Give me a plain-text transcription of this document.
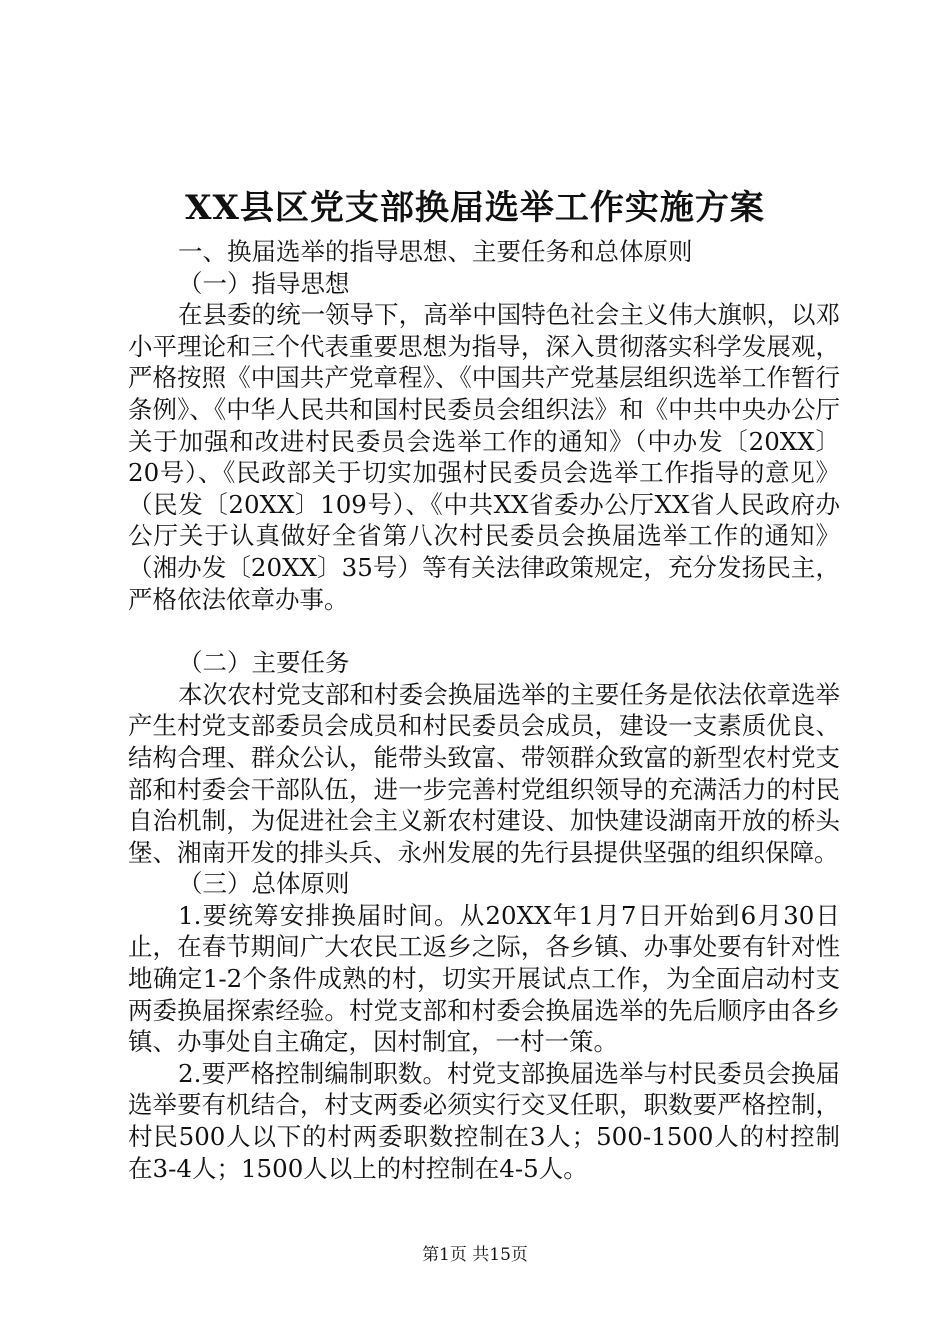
XX县区党支部换届选举工作实施方案

一、换届选举的指导思想、主要任务和总体原则

（一）指导思想

在县委的统一领导下，高举中国特色社会主义伟大旗帜，以邓小平理论和三个代表重要思想为指导，深入贯彻落实科学发展观，严格按照《中国共产党章程》、《中国共产党基层组织选举工作暂行条例》、《中华人民共和国村民委员会组织法》和《中共中央办公厅关于加强和改进村民委员会选举工作的通知》（中办发〔20XX〕20号）、《民政部关于切实加强村民委员会选举工作指导的意见》（民发〔20XX〕109号）、《中共XX省委办公厅XX省人民政府办公厅关于认真做好全省第八次村民委员会换届选举工作的通知》（湘办发〔20XX〕35号）等有关法律政策规定，充分发扬民主，严格依法依章办事。

（二）主要任务

本次农村党支部和村委会换届选举的主要任务是依法依章选举产生村党支部委员会成员和村民委员会成员，建设一支素质优良、结构合理、群众公认，能带头致富、带领群众致富的新型农村党支部和村委会干部队伍，进一步完善村党组织领导的充满活力的村民自治机制，为促进社会主义新农村建设、加快建设湖南开放的桥头堡、湘南开发的排头兵、永州发展的先行县提供坚强的组织保障。

（三）总体原则

1.要统筹安排换届时间。从20XX年1月7日开始到6月30日止，在春节期间广大农民工返乡之际，各乡镇、办事处要有针对性地确定1-2个条件成熟的村，切实开展试点工作，为全面启动村支两委换届探索经验。村党支部和村委会换届选举的先后顺序由各乡镇、办事处自主确定，因村制宜，一村一策。

2.要严格控制编制职数。村党支部换届选举与村民委员会换届选举要有机结合，村支两委必须实行交叉任职，职数要严格控制，村民500人以下的村两委职数控制在3人；500-1500人的村控制在3-4人；1500人以上的村控制在4-5人。

第1页 共15页
